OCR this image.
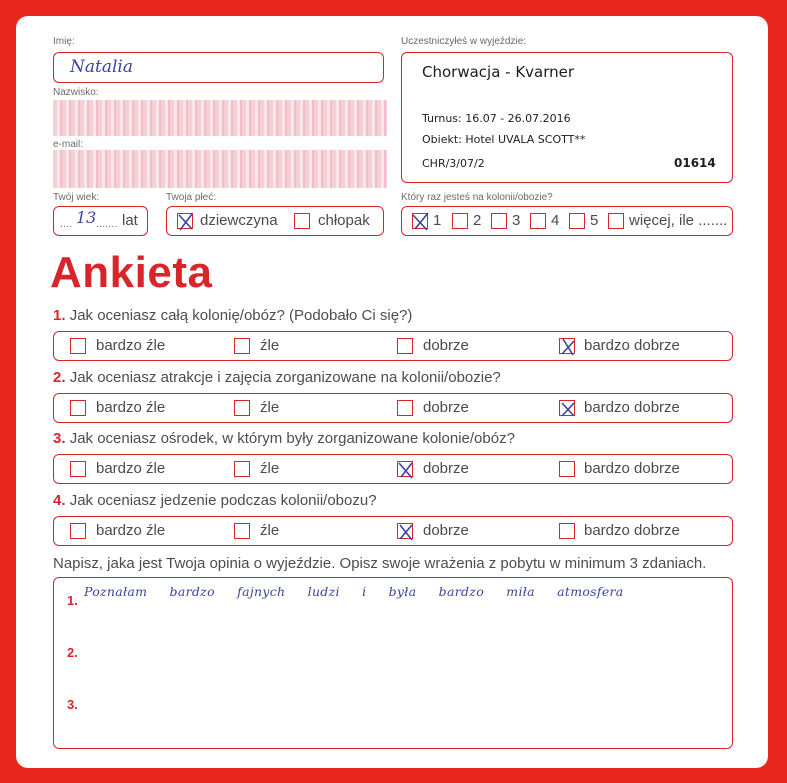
Imię:
Natalia
Nazwisko:
e-mail:
Twój wiek:
.... 13 ....... lat
Twoja płeć:
dziewczyna	chłopak
Uczestniczyłeś w wyjeździe:
Chorwacja - Kvarner
Turnus: 16.07 - 26.07.2016
Obiekt: Hotel UVALA SCOTT**
CHR/3/07/2	01614
Który raz jesteś na kolonii/obozie?
1 2 3 4 5 więcej, ile .......
Ankieta
1. Jak oceniasz całą kolonię/obóz? (Podobało Ci się?)
bardzo źle	źle	dobrze	bardzo dobrze
2. Jak oceniasz atrakcje i zajęcia zorganizowane na kolonii/obozie?
bardzo źle	źle	dobrze	bardzo dobrze
3. Jak oceniasz ośrodek, w którym były zorganizowane kolonie/obóz?
bardzo źle	źle	dobrze	bardzo dobrze
4. Jak oceniasz jedzenie podczas kolonii/obozu?
bardzo źle	źle	dobrze	bardzo dobrze
Napisz, jaka jest Twoja opinia o wyjeździe. Opisz swoje wrażenia z pobytu w minimum 3 zdaniach.
1.
Poznałam bardzo fajnych ludzi i była bardzo miła atmosfera
2.
3.
